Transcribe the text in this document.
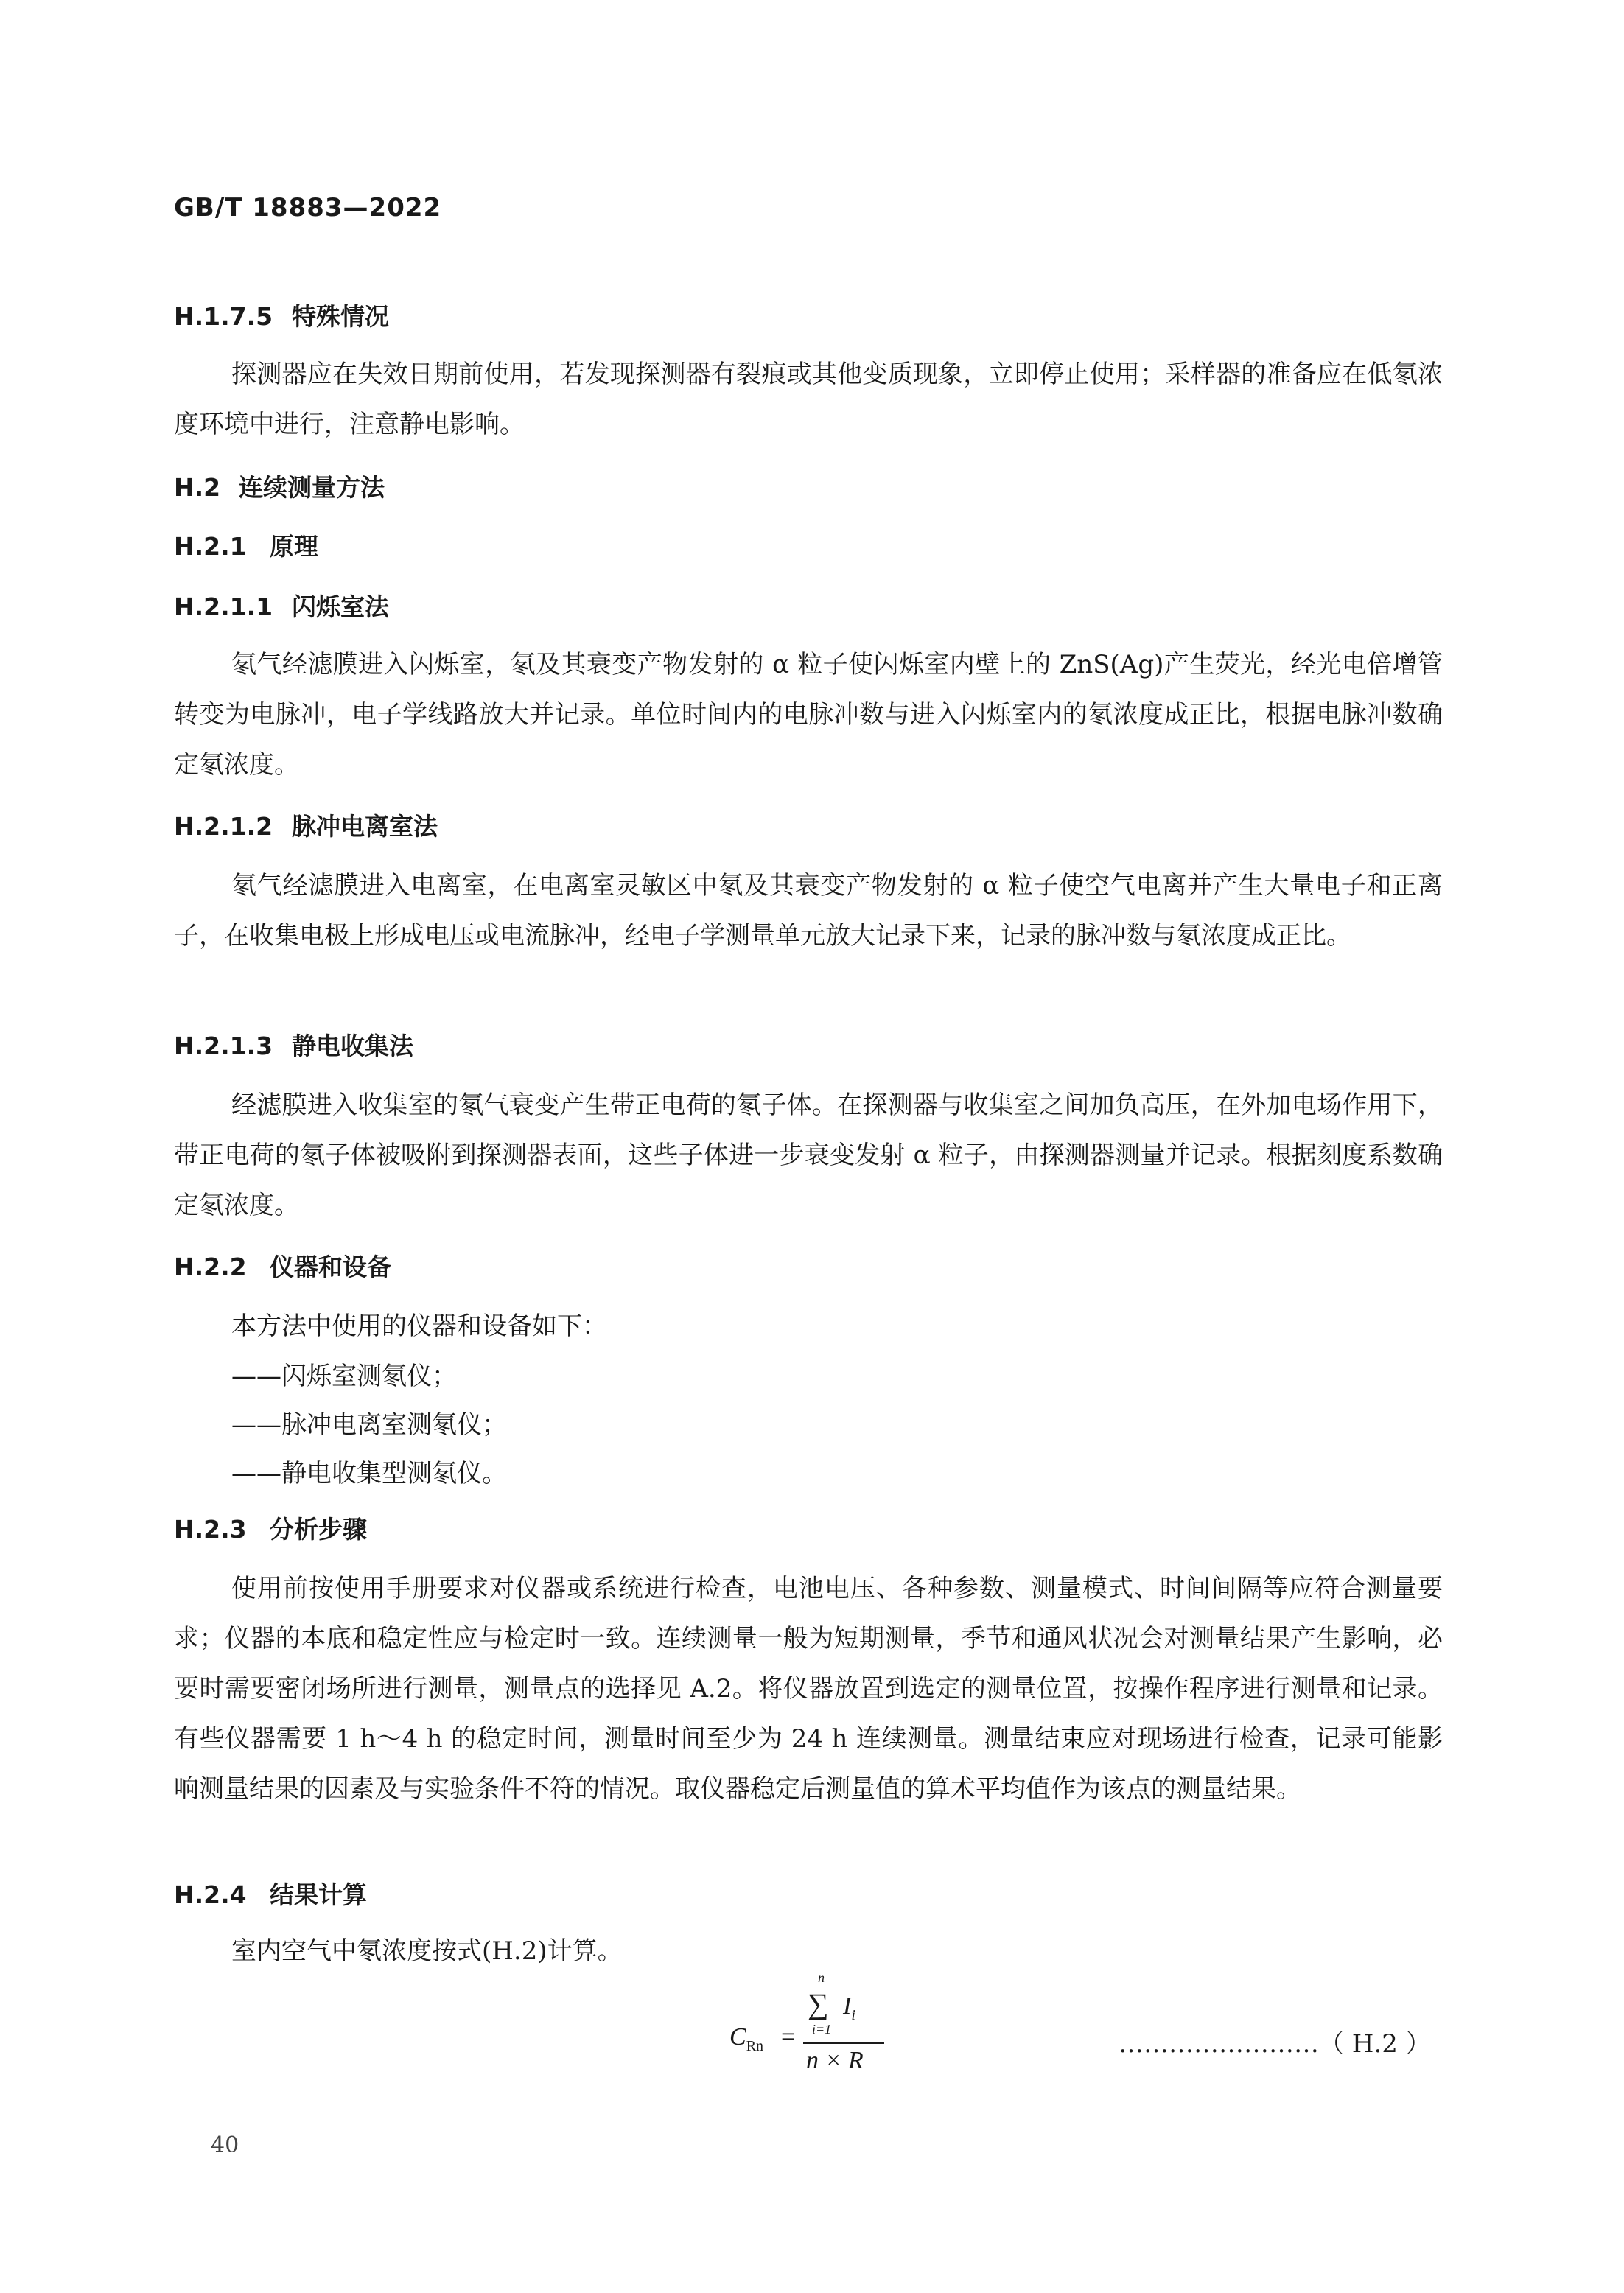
GB/T 18883—2022
H.1.7.5 特殊情况
探测器应在失效日期前使用，若发现探测器有裂痕或其他变质现象，立即停止使用；采样器的准备应在低氡浓度环境中进行，注意静电影响。
H.2 连续测量方法
H.2.1 原理
H.2.1.1 闪烁室法
氡气经滤膜进入闪烁室，氡及其衰变产物发射的 α 粒子使闪烁室内壁上的 ZnS(Ag)产生荧光，经光电倍增管转变为电脉冲，电子学线路放大并记录。单位时间内的电脉冲数与进入闪烁室内的氡浓度成正比，根据电脉冲数确定氡浓度。
H.2.1.2 脉冲电离室法
氡气经滤膜进入电离室，在电离室灵敏区中氡及其衰变产物发射的 α 粒子使空气电离并产生大量电子和正离子，在收集电极上形成电压或电流脉冲，经电子学测量单元放大记录下来，记录的脉冲数与氡浓度成正比。
H.2.1.3 静电收集法
经滤膜进入收集室的氡气衰变产生带正电荷的氡子体。在探测器与收集室之间加负高压，在外加电场作用下，带正电荷的氡子体被吸附到探测器表面，这些子体进一步衰变发射 α 粒子，由探测器测量并记录。根据刻度系数确定氡浓度。
H.2.2 仪器和设备
本方法中使用的仪器和设备如下：
——闪烁室测氡仪；
——脉冲电离室测氡仪；
——静电收集型测氡仪。
H.2.3 分析步骤
使用前按使用手册要求对仪器或系统进行检查，电池电压、各种参数、测量模式、时间间隔等应符合测量要求；仪器的本底和稳定性应与检定时一致。连续测量一般为短期测量，季节和通风状况会对测量结果产生影响，必要时需要密闭场所进行测量，测量点的选择见 A.2。将仪器放置到选定的测量位置，按操作程序进行测量和记录。有些仪器需要 1 h～4 h 的稳定时间，测量时间至少为 24 h 连续测量。测量结束应对现场进行检查，记录可能影响测量结果的因素及与实验条件不符的情况。取仪器稳定后测量值的算术平均值作为该点的测量结果。
H.2.4 结果计算
室内空气中氡浓度按式(H.2)计算。
$C_{Rn}$ =
n
∑
i=1
$I_i$
n × R
……………………（ H.2 ）
40
